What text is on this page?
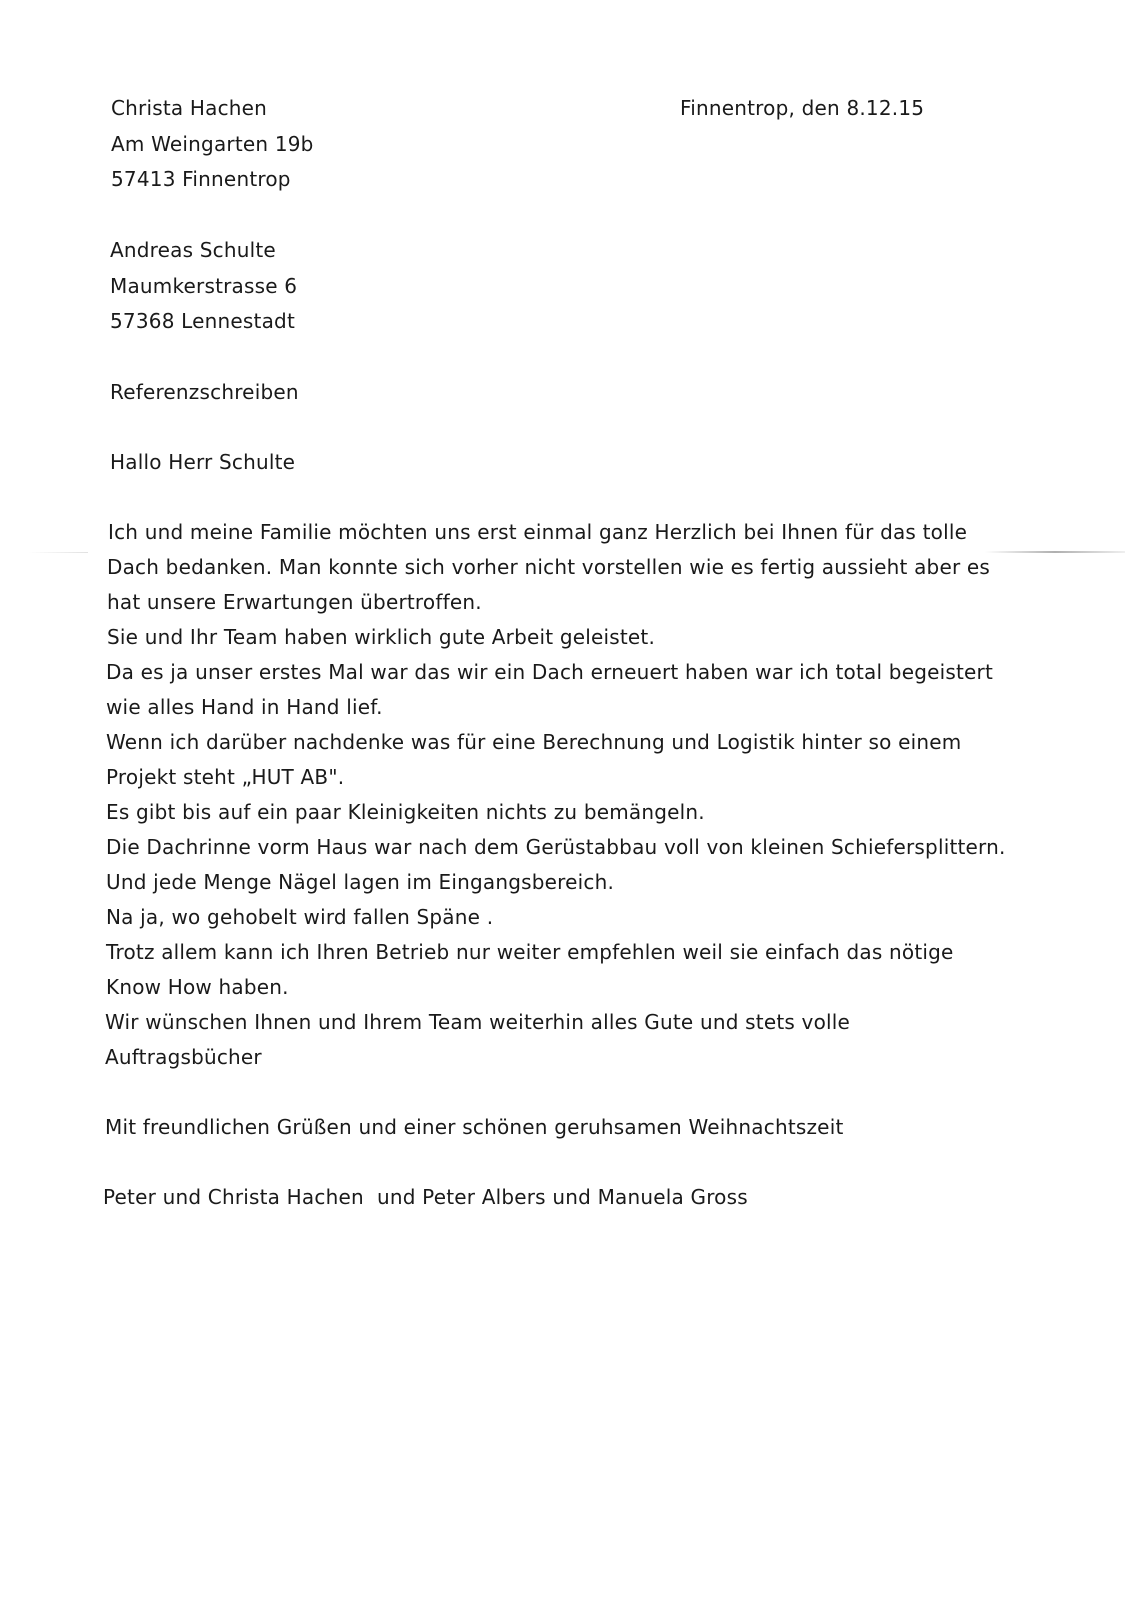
Christa Hachen
Am Weingarten 19b
57413 Finnentrop
Finnentrop, den 8.12.15
Andreas Schulte
Maumkerstrasse 6
57368 Lennestadt
Referenzschreiben
Hallo Herr Schulte
Ich und meine Familie möchten uns erst einmal ganz Herzlich bei Ihnen für das tolle
Dach bedanken. Man konnte sich vorher nicht vorstellen wie es fertig aussieht aber es
hat unsere Erwartungen übertroffen.
Sie und Ihr Team haben wirklich gute Arbeit geleistet.
Da es ja unser erstes Mal war das wir ein Dach erneuert haben war ich total begeistert
wie alles Hand in Hand lief.
Wenn ich darüber nachdenke was für eine Berechnung und Logistik hinter so einem
Projekt steht „HUT AB".
Es gibt bis auf ein paar Kleinigkeiten nichts zu bemängeln.
Die Dachrinne vorm Haus war nach dem Gerüstabbau voll von kleinen Schiefersplittern.
Und jede Menge Nägel lagen im Eingangsbereich.
Na ja, wo gehobelt wird fallen Späne .
Trotz allem kann ich Ihren Betrieb nur weiter empfehlen weil sie einfach das nötige
Know How haben.
Wir wünschen Ihnen und Ihrem Team weiterhin alles Gute und stets volle
Auftragsbücher
Mit freundlichen Grüßen und einer schönen geruhsamen Weihnachtszeit
Peter und Christa Hachen  und Peter Albers und Manuela Gross
